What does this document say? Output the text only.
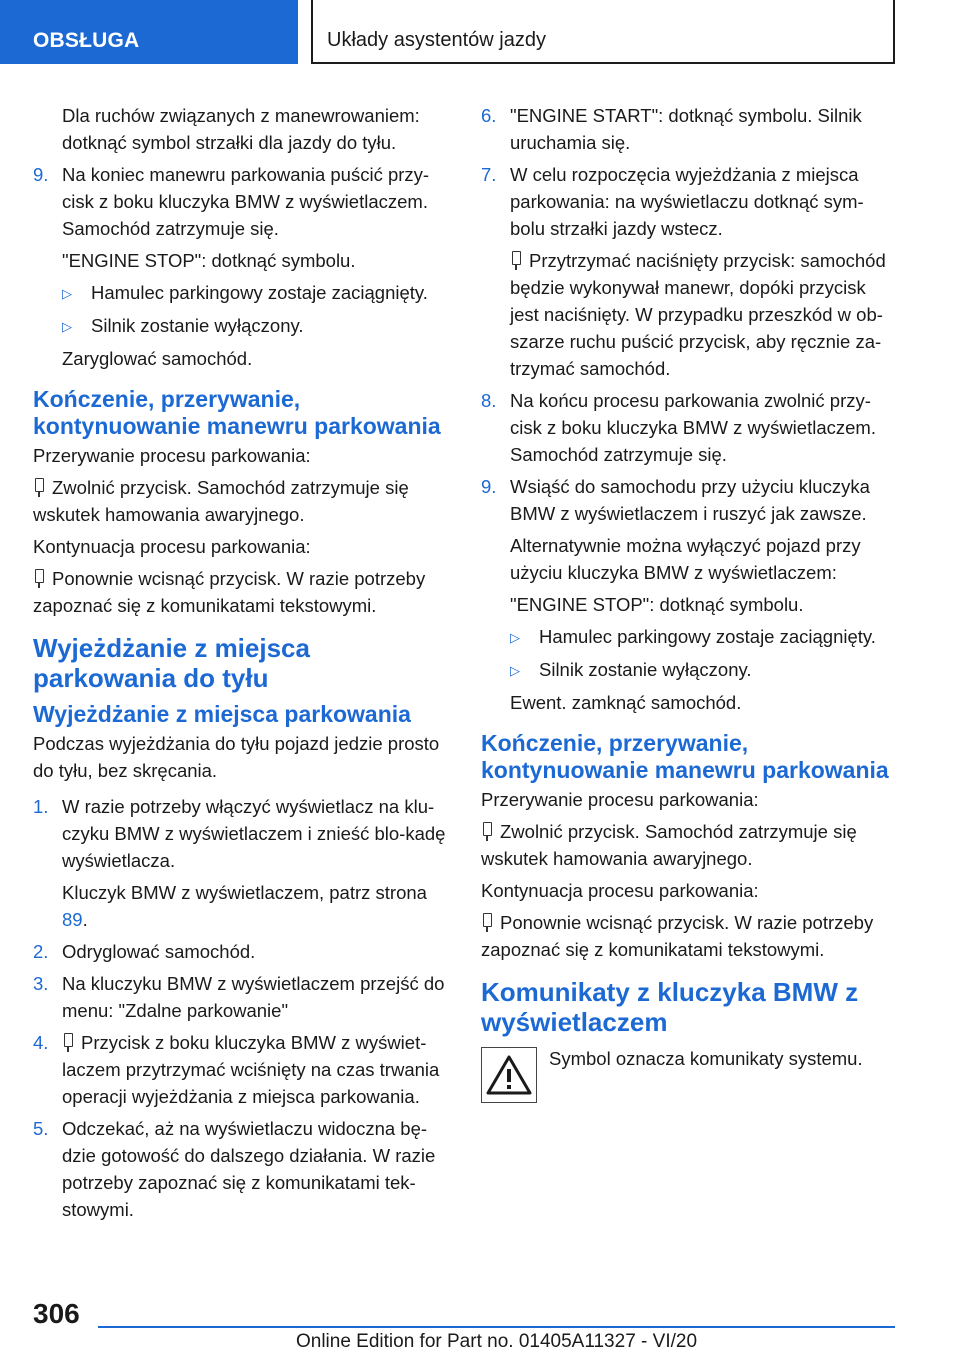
OBSŁUGA	Układy asystentów jazdy
Dla ruchów związanych z manewrowaniem: dotknąć symbol strzałki dla jazdy do tyłu.
9. Na koniec manewru parkowania puścić przy‐cisk z boku kluczyka BMW z wyświetlaczem. Samochód zatrzymuje się.
"ENGINE STOP": dotknąć symbolu.
▷	Hamulec parkingowy zostaje zaciągnięty.
▷	Silnik zostanie wyłączony.
Zaryglować samochód.
Kończenie, przerywanie, kontynuowanie manewru parkowania
Przerywanie procesu parkowania:
Zwolnić przycisk. Samochód zatrzymuje się wskutek hamowania awaryjnego.
Kontynuacja procesu parkowania:
Ponownie wcisnąć przycisk. W razie potrzeby zapoznać się z komunikatami tekstowymi.
Wyjeżdżanie z miejsca parkowania do tyłu
Wyjeżdżanie z miejsca parkowania
Podczas wyjeżdżania do tyłu pojazd jedzie prosto do tyłu, bez skręcania.
1. W razie potrzeby włączyć wyświetlacz na klu‐czyku BMW z wyświetlaczem i znieść blo‐kadę wyświetlacza.
Kluczyk BMW z wyświetlaczem, patrz strona 89.
2. Odryglować samochód.
3. Na kluczyku BMW z wyświetlaczem przejść do menu: "Zdalne parkowanie"
4.	Przycisk z boku kluczyka BMW z wyświet‐laczem przytrzymać wciśnięty na czas trwania operacji wyjeżdżania z miejsca parkowania.
5. Odczekać, aż na wyświetlaczu widoczna bę‐dzie gotowość do dalszego działania. W razie potrzeby zapoznać się z komunikatami tek‐stowymi.
6. "ENGINE START": dotknąć symbolu. Silnik uruchamia się.
7. W celu rozpoczęcia wyjeżdżania z miejsca parkowania: na wyświetlaczu dotknąć sym‐bolu strzałki jazdy wstecz.
Przytrzymać naciśnięty przycisk: samochód będzie wykonywał manewr, dopóki przycisk jest naciśnięty. W przypadku przeszkód w ob‐szarze ruchu puścić przycisk, aby ręcznie za‐trzymać samochód.
8. Na końcu procesu parkowania zwolnić przy‐cisk z boku kluczyka BMW z wyświetlaczem. Samochód zatrzymuje się.
9. Wsiąść do samochodu przy użyciu kluczyka BMW z wyświetlaczem i ruszyć jak zawsze.
Alternatywnie można wyłączyć pojazd przy użyciu kluczyka BMW z wyświetlaczem:
"ENGINE STOP": dotknąć symbolu.
▷	Hamulec parkingowy zostaje zaciągnięty.
▷	Silnik zostanie wyłączony.
Ewent. zamknąć samochód.
Kończenie, przerywanie, kontynuowanie manewru parkowania
Przerywanie procesu parkowania:
Zwolnić przycisk. Samochód zatrzymuje się wskutek hamowania awaryjnego.
Kontynuacja procesu parkowania:
Ponownie wcisnąć przycisk. W razie potrzeby zapoznać się z komunikatami tekstowymi.
Komunikaty z kluczyka BMW z wyświetlaczem
Symbol oznacza komunikaty systemu.
306
Online Edition for Part no. 01405A11327 - VI/20
